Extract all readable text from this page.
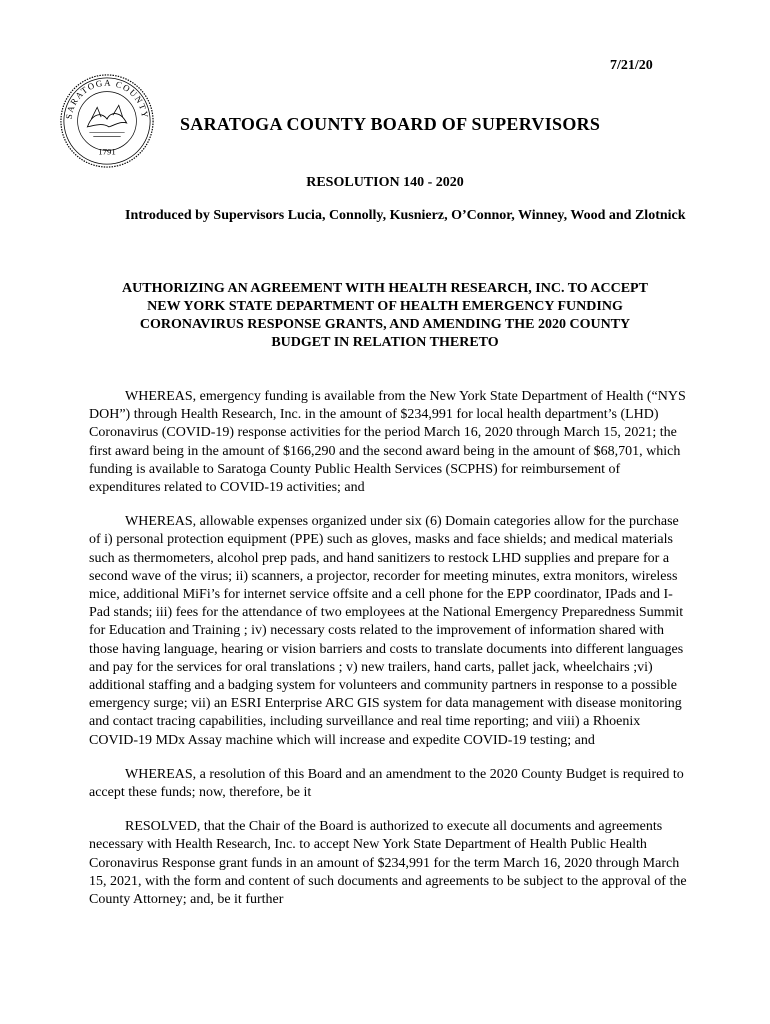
7/21/20
SARATOGA COUNTY
1791
SARATOGA COUNTY BOARD OF SUPERVISORS
RESOLUTION 140 - 2020
Introduced by Supervisors Lucia, Connolly, Kusnierz, O’Connor, Winney, Wood and Zlotnick
AUTHORIZING AN AGREEMENT WITH HEALTH RESEARCH, INC. TO ACCEPT NEW YORK STATE DEPARTMENT OF HEALTH EMERGENCY FUNDING CORONAVIRUS RESPONSE GRANTS, AND AMENDING THE 2020 COUNTY BUDGET IN RELATION THERETO

WHEREAS, emergency funding is available from the New York State Department of Health (“NYS DOH”) through Health Research, Inc. in the amount of $234,991 for local health department’s (LHD) Coronavirus (COVID-19) response activities for the period March 16, 2020 through March 15, 2021; the first award being in the amount of $166,290 and the second award being in the amount of $68,701, which funding is available to Saratoga County Public Health Services (SCPHS) for reimbursement of expenditures related to COVID-19 activities; and

WHEREAS, allowable expenses organized under six (6) Domain categories allow for the purchase of i) personal protection equipment (PPE) such as gloves, masks and face shields; and medical materials such as thermometers, alcohol prep pads, and hand sanitizers to restock LHD supplies and prepare for a second wave of the virus; ii) scanners, a projector, recorder for meeting minutes, extra monitors, wireless mice, additional MiFi’s for internet service offsite and a cell phone for the EPP coordinator, IPads and I-Pad stands; iii) fees for the attendance of two employees at the National Emergency Preparedness Summit for Education and Training ; iv) necessary costs related to the improvement of information shared with those having language, hearing or vision barriers and costs to translate documents into different languages and pay for the services for oral translations ; v) new trailers, hand carts, pallet jack, wheelchairs ;vi) additional staffing and a badging system for volunteers and community partners in response to a possible emergency surge; vii) an ESRI Enterprise ARC GIS system for data management with disease monitoring and contact tracing capabilities, including surveillance and real time reporting; and viii) a Rhoenix COVID-19 MDx Assay machine which will increase and expedite COVID-19 testing; and

WHEREAS, a resolution of this Board and an amendment to the 2020 County Budget is required to accept these funds; now, therefore, be it

RESOLVED, that the Chair of the Board is authorized to execute all documents and agreements necessary with Health Research, Inc. to accept New York State Department of Health Public Health Coronavirus Response grant funds in an amount of $234,991 for the term March 16, 2020 through March 15, 2021, with the form and content of such documents and agreements to be subject to the approval of the County Attorney; and, be it further
